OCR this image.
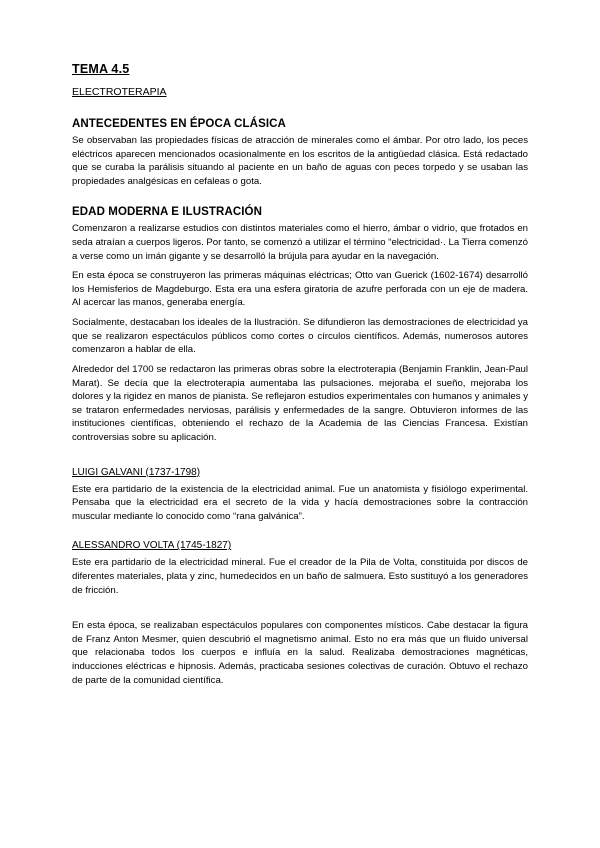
TEMA 4.5
ELECTROTERAPIA
ANTECEDENTES EN ÉPOCA CLÁSICA

Se observaban las propiedades físicas de atracción de minerales como el ámbar. Por otro lado, los peces eléctricos aparecen mencionados ocasionalmente en los escritos de la antigüedad clásica. Está redactado que se curaba la parálisis situando al paciente en un baño de aguas con peces torpedo y se usaban las propiedades analgésicas en cefaleas o gota.

EDAD MODERNA E ILUSTRACIÓN

Comenzaron a realizarse estudios con distintos materiales como el hierro, ámbar o vidrio, que frotados en seda atraían a cuerpos ligeros. Por tanto, se comenzó a utilizar el término “electricidad·. La Tierra comenzó a verse como un imán gigante y se desarrolló la brújula para ayudar en la navegación.

En esta época se construyeron las primeras máquinas eléctricas; Otto van Guerick (1602-1674) desarrolló los Hemisferios de Magdeburgo. Esta era una esfera giratoria de azufre perforada con un eje de madera. Al acercar las manos, generaba energía.

Socialmente, destacaban los ideales de la Ilustración. Se difundieron las demostraciones de electricidad ya que se realizaron espectáculos públicos como cortes o círculos científicos. Además, numerosos autores comenzaron a hablar de ella.

Alrededor del 1700 se redactaron las primeras obras sobre la electroterapia (Benjamin Franklin, Jean-Paul Marat). Se decía que la electroterapia aumentaba las pulsaciones. mejoraba el sueño, mejoraba los dolores y la rigidez en manos de pianista. Se reflejaron estudios experimentales con humanos y animales y se trataron enfermedades nerviosas, parálisis y enfermedades de la sangre. Obtuvieron informes de las instituciones científicas, obteniendo el rechazo de la Academia de las Ciencias Francesa. Existían controversias sobre su aplicación.

LUIGI GALVANI (1737-1798)

Este era partidario de la existencia de la electricidad animal. Fue un anatomista y fisiólogo experimental. Pensaba que la electricidad era el secreto de la vida y hacía demostraciones sobre la contracción muscular mediante lo conocido como “rana galvánica”.

ALESSANDRO VOLTA (1745-1827)

Este era partidario de la electricidad mineral. Fue el creador de la Pila de Volta, constituida por discos de diferentes materiales, plata y zinc, humedecidos en un baño de salmuera. Esto sustituyó a los generadores de fricción.

En esta época, se realizaban espectáculos populares con componentes místicos. Cabe destacar la figura de Franz Anton Mesmer, quien descubrió el magnetismo animal. Esto no era más que un fluido universal que relacionaba todos los cuerpos e influía en la salud. Realizaba demostraciones magnéticas, inducciones eléctricas e hipnosis. Además, practicaba sesiones colectivas de curación. Obtuvo el rechazo de parte de la comunidad científica.
